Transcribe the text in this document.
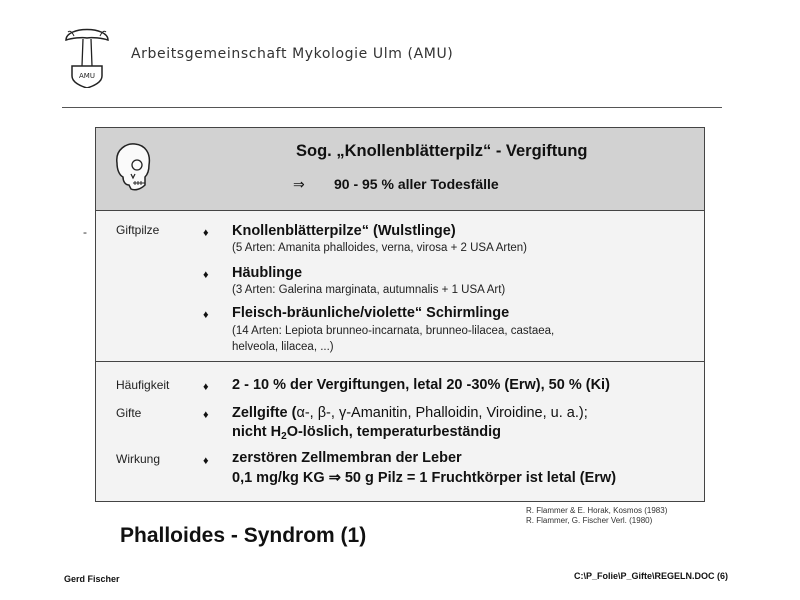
AMU
Arbeitsgemeinschaft Mykologie Ulm (AMU)
Sog. „Knollenblätterpilz“ - Vergiftung
⇒ 90 - 95 % aller Todesfälle
Giftpilze	♦ Knollenblätterpilze“ (Wulstlinge)
(5 Arten: Amanita phalloides, verna, virosa + 2 USA Arten)
♦ Häublinge
(3 Arten: Galerina marginata, autumnalis + 1 USA Art)
♦ Fleisch-bräunliche/violette“ Schirmlinge
(14 Arten: Lepiota brunneo-incarnata, brunneo-lilacea, castaea,
helveola, lilacea, ...)
Häufigkeit	♦ 2 - 10 % der Vergiftungen, letal 20 -30% (Erw), 50 % (Ki)
Gifte	♦ Zellgifte (α-, β-, γ-Amanitin, Phalloidin, Viroidine, u. a.);
nicht $H_2O$-löslich, temperaturbeständig
Wirkung	♦ zerstören Zellmembran der Leber
0,1 mg/kg KG ⇒ 50 g Pilz = 1 Fruchtkörper ist letal (Erw)
-
R. Flammer & E. Horak, Kosmos (1983)
R. Flammer, G. Fischer Verl. (1980)
Phalloides - Syndrom (1)
Gerd Fischer	C:\P_Folie\P_Gifte\REGELN.DOC (6)
